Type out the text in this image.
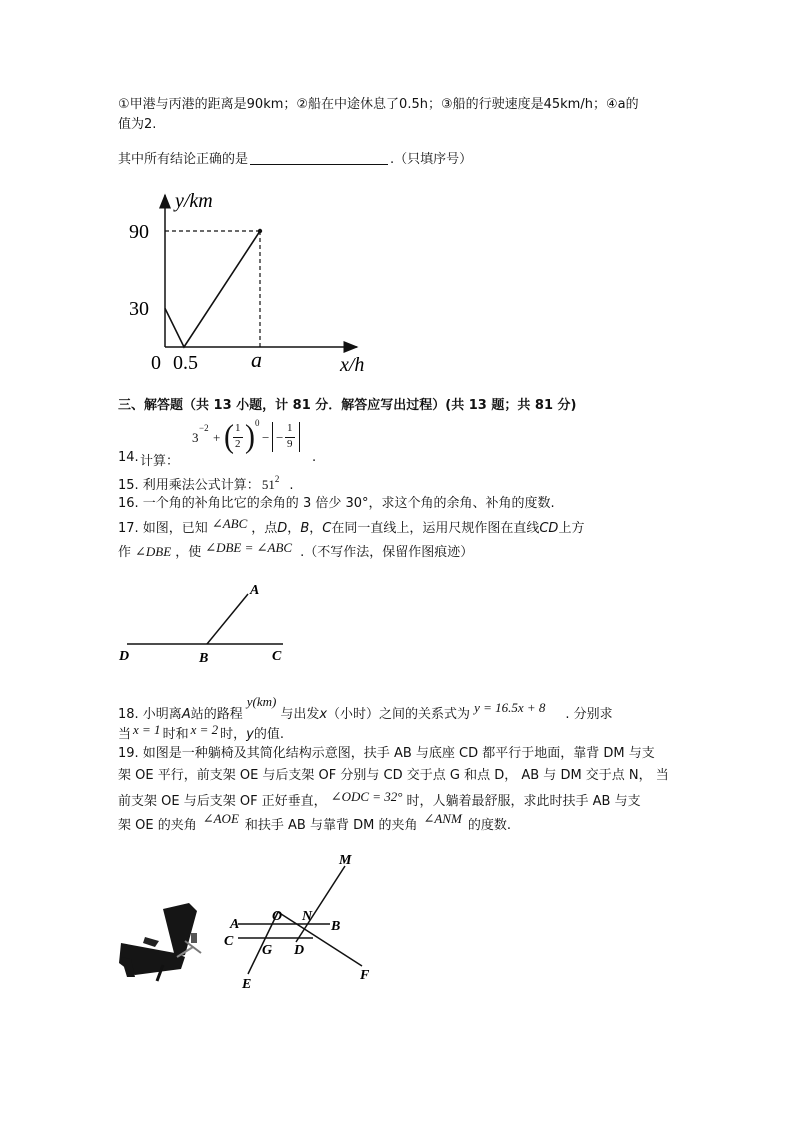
①甲港与丙港的距离是90km；②船在中途休息了0.5h；③船的行驶速度是45km/h；④a的
值为2.
其中所有结论正确的是	.（只填序号）
y/km
90
30
0 0.5 a	x/h
三、解答题（共 13 小题，计 81 分．解答应写出过程）(共 13 题；共 81 分)
14. 计算：
3
−2
+ ( 1
2 ) 0
− −
1
9
.
15. 利用乘法公式计算： $51^2$ .
16. 一个角的补角比它的余角的 3 倍少 30°，求这个角的余角、补角的度数.
17. 如图，已知 ∠ABC ，点D，B，C在同一直线上，运用尺规作图在直线CD上方
作 ∠DBE ，使 ∠DBE = ∠ABC .（不写作法，保留作图痕迹）
A
D	B	C
18. 小明离A站的路程y(km)与出发x（小时）之间的关系式为 y = 16.5x + 8 . 分别求
当 x = 1 时和 x = 2 时，y的值.
19. 如图是一种躺椅及其简化结构示意图，扶手 AB 与底座 CD 都平行于地面，靠背 DM 与支
架 OE 平行，前支架 OE 与后支架 OF 分别与 CD 交于点 G 和点 D， AB 与 DM 交于点 N， 当
前支架 OE 与后支架 OF 正好垂直， ∠ODC = 32° 时，人躺着最舒服，求此时扶手 AB 与支
架 OE 的夹角 ∠AOE 和扶手 AB 与靠背 DM 的夹角 ∠ANM 的度数.
M
A
O N
B
C
G D
E
F
